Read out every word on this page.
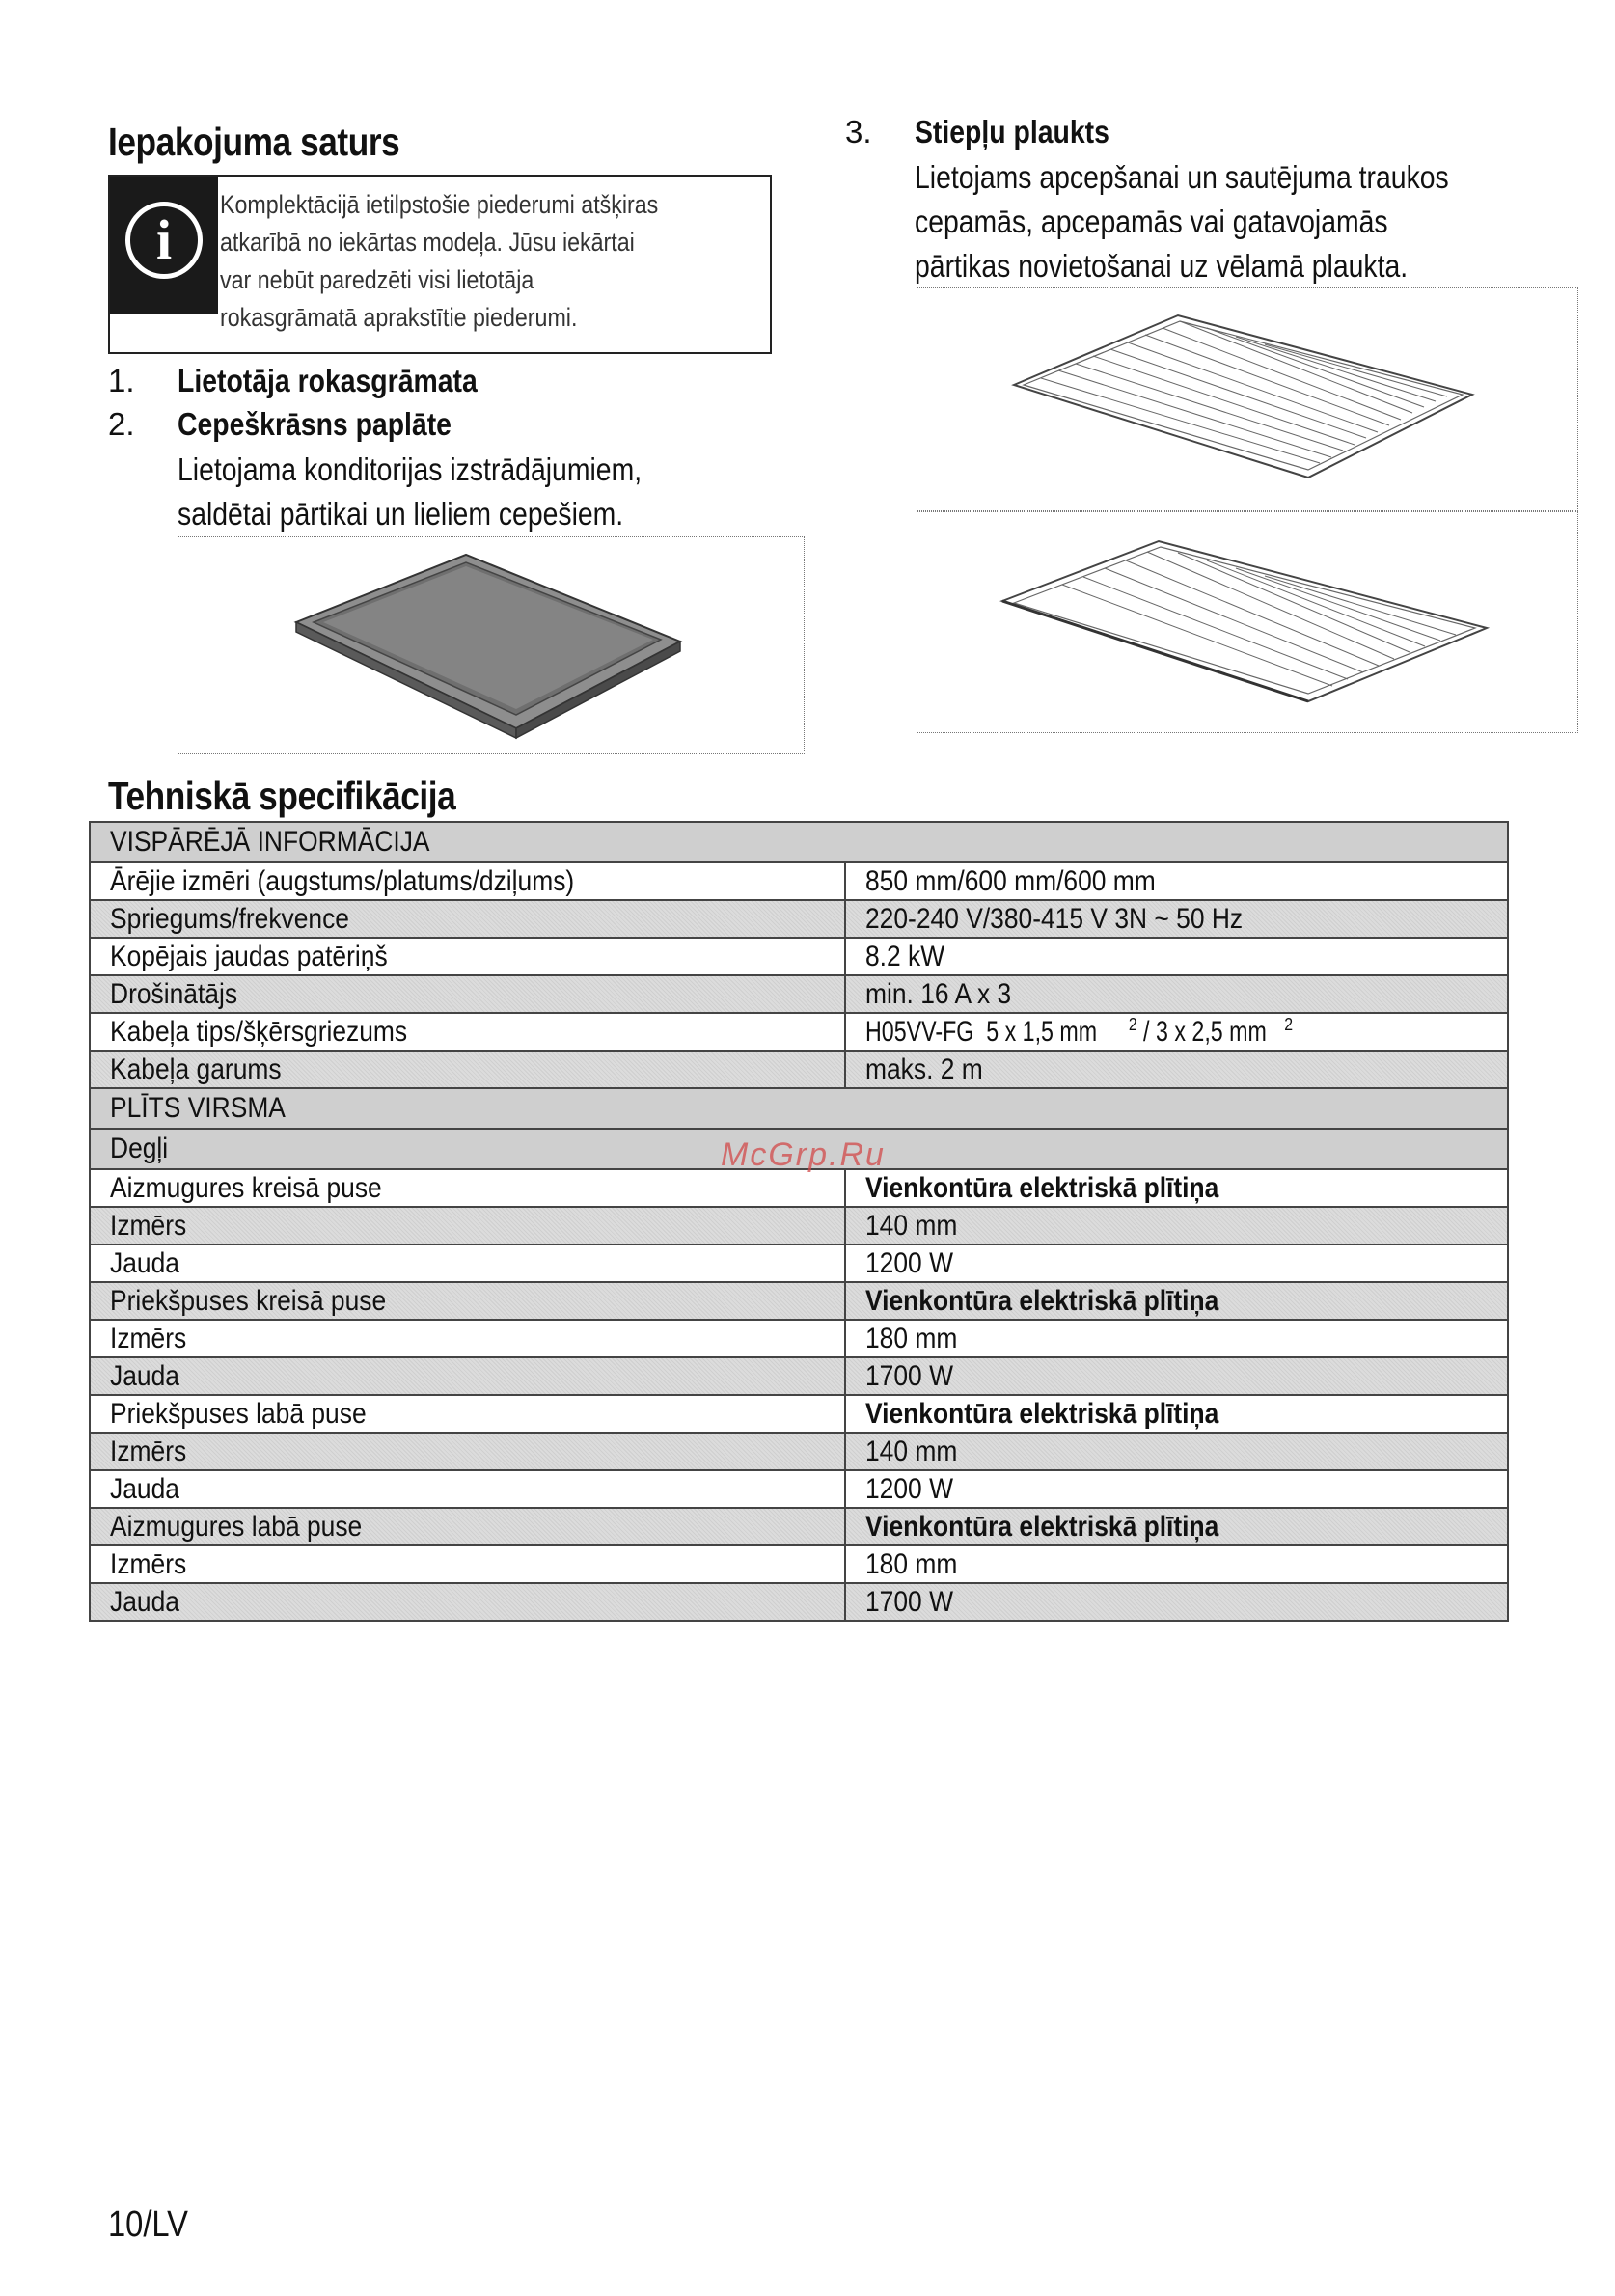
Iepakojuma saturs
i
Komplektācijā ietilpstošie piederumi atšķiras
atkarībā no iekārtas modeļa. Jūsu iekārtai
var nebūt paredzēti visi lietotāja
rokasgrāmatā aprakstītie piederumi.
1. Lietotāja rokasgrāmata
2. Cepeškrāsns paplāte
Lietojama konditorijas izstrādājumiem,
saldētai pārtikai un lieliem cepešiem.
3. Stiepļu plaukts
Lietojams apcepšanai un sautējuma traukos
cepamās, apcepamās vai gatavojamās
pārtikas novietošanai uz vēlamā plaukta.
Tehniskā specifikācija
VISPĀRĒJĀ INFORMĀCIJA	
Ārējie izmēri (augstums/platums/dziļums)	850 mm/600 mm/600 mm
Spriegums/frekvence	220-240 V/380-415 V 3N ~ 50 Hz
Kopējais jaudas patēriņš	8.2 kW
Drošinātājs	min. 16 A x 3
Kabeļa tips/šķērsgriezums	H05VV-FG  5 x 1,5 mm $^2$ / 3 x 2,5 mm $^2$
Kabeļa garums	maks. 2 m
PLĪTS VIRSMA	
Degļi	
Aizmugures kreisā puse	Vienkontūra elektriskā plītiņa
Izmērs	140 mm
Jauda	1200 W
Priekšpuses kreisā puse	Vienkontūra elektriskā plītiņa
Izmērs	180 mm
Jauda	1700 W
Priekšpuses labā puse	Vienkontūra elektriskā plītiņa
Izmērs	140 mm
Jauda	1200 W
Aizmugures labā puse	Vienkontūra elektriskā plītiņa
Izmērs	180 mm
Jauda	1700 W
McGrp.Ru
10/LV
